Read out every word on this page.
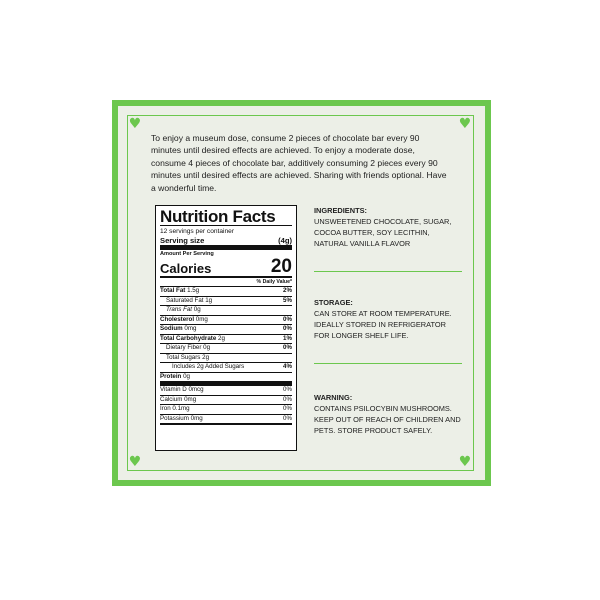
♥	♥
♥	♥
To enjoy a museum dose, consume 2 pieces of chocolate bar every 90 minutes until desired effects are achieved. To enjoy a moderate dose, consume 4 pieces of chocolate bar, additively consuming 2 pieces every 90 minutes until desired effects are achieved. Sharing with friends optional. Have a wonderful time.
Nutrition Facts
12 servings per container
Serving size	(4g)
Amount Per Serving
Calories	20
% Daily Value*
Total Fat 1.5g	2%
Saturated Fat 1g	5%
Trans Fat 0g
Cholesterol 0mg	0%
Sodium 0mg	0%
Total Carbohydrate 2g	1%
Dietary Fiber 0g	0%
Total Sugars 2g
Includes 2g Added Sugars	4%
Protein 0g
Vitamin D 0mcg	0%
Calcium 0mg	0%
Iron 0.1mg	0%
Potassium 0mg	0%
INGREDIENTS:

UNSWEETENED CHOCOLATE, SUGAR, COCOA BUTTER, SOY LECITHIN, NATURAL VANILLA FLAVOR

STORAGE:

CAN STORE AT ROOM TEMPERATURE. IDEALLY STORED IN REFRIGERATOR FOR LONGER SHELF LIFE.

WARNING:

CONTAINS PSILOCYBIN MUSHROOMS. KEEP OUT OF REACH OF CHILDREN AND PETS. STORE PRODUCT SAFELY.
